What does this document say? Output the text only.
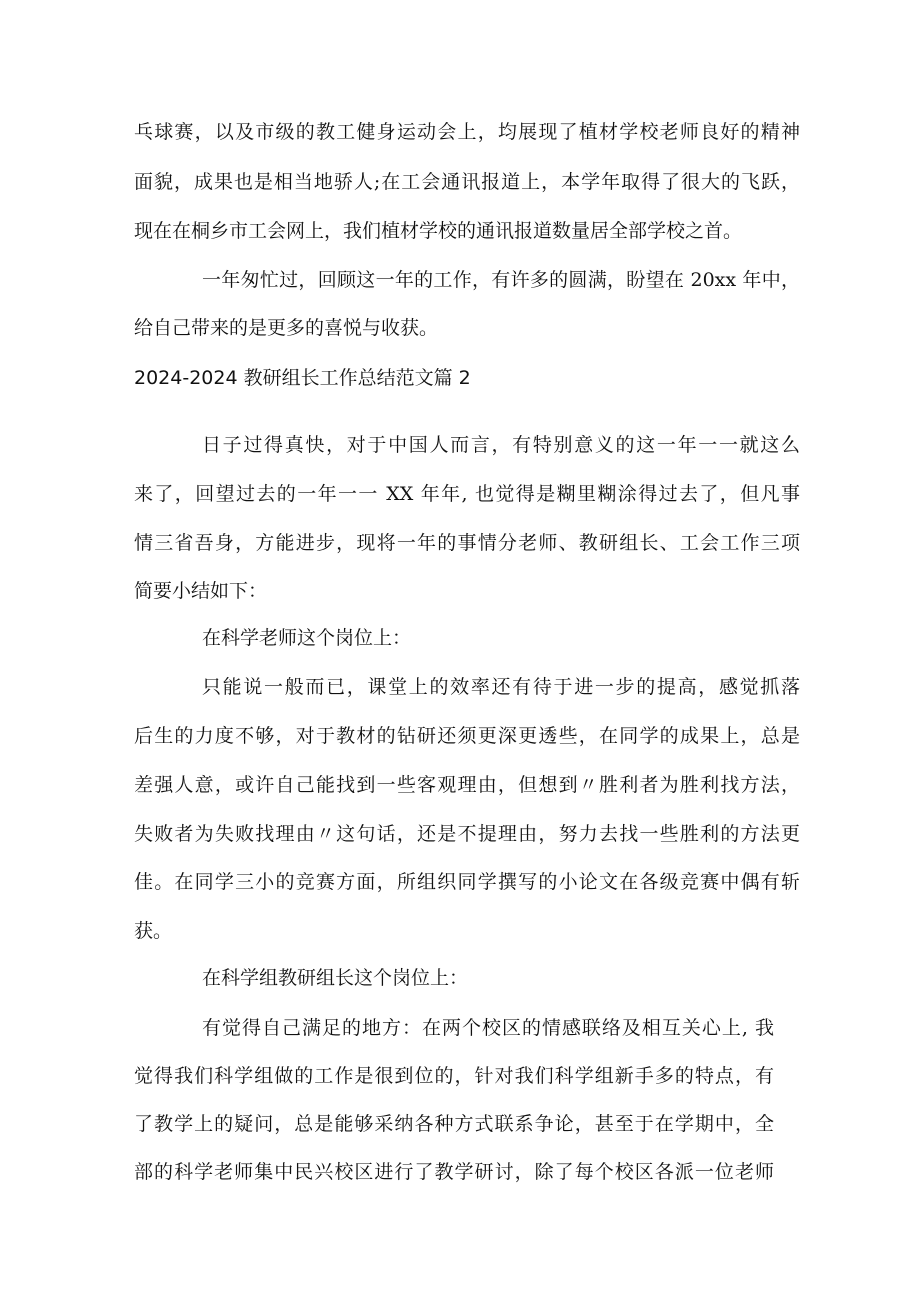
乓球赛，以及市级的教工健身运动会上，均展现了植材学校老师良好的精神
面貌，成果也是相当地骄人;在工会通讯报道上，本学年取得了很大的飞跃，
现在在桐乡市工会网上，我们植材学校的通讯报道数量居全部学校之首。
一年匆忙过，回顾这一年的工作，有许多的圆满，盼望在 20xx 年中，
给自己带来的是更多的喜悦与收获。
2024-2024 教研组长工作总结范文篇 2
日子过得真快，对于中国人而言，有特别意义的这一年一一就这么
来了，回望过去的一年一一 XX 年年, 也觉得是糊里糊涂得过去了，但凡事
情三省吾身，方能进步，现将一年的事情分老师、教研组长、工会工作三项
简要小结如下：
在科学老师这个岗位上：
只能说一般而已，课堂上的效率还有待于进一步的提高，感觉抓落
后生的力度不够，对于教材的钻研还须更深更透些，在同学的成果上，总是
差强人意，或许自己能找到一些客观理由，但想到〃胜利者为胜利找方法，
失败者为失败找理由〃这句话，还是不提理由，努力去找一些胜利的方法更
佳。在同学三小的竞赛方面，所组织同学撰写的小论文在各级竞赛中偶有斩
获。
在科学组教研组长这个岗位上：
有觉得自己满足的地方：在两个校区的情感联络及相互关心上, 我
觉得我们科学组做的工作是很到位的，针对我们科学组新手多的特点，有
了教学上的疑问，总是能够采纳各种方式联系争论，甚至于在学期中，全
部的科学老师集中民兴校区进行了教学研讨，除了每个校区各派一位老师
